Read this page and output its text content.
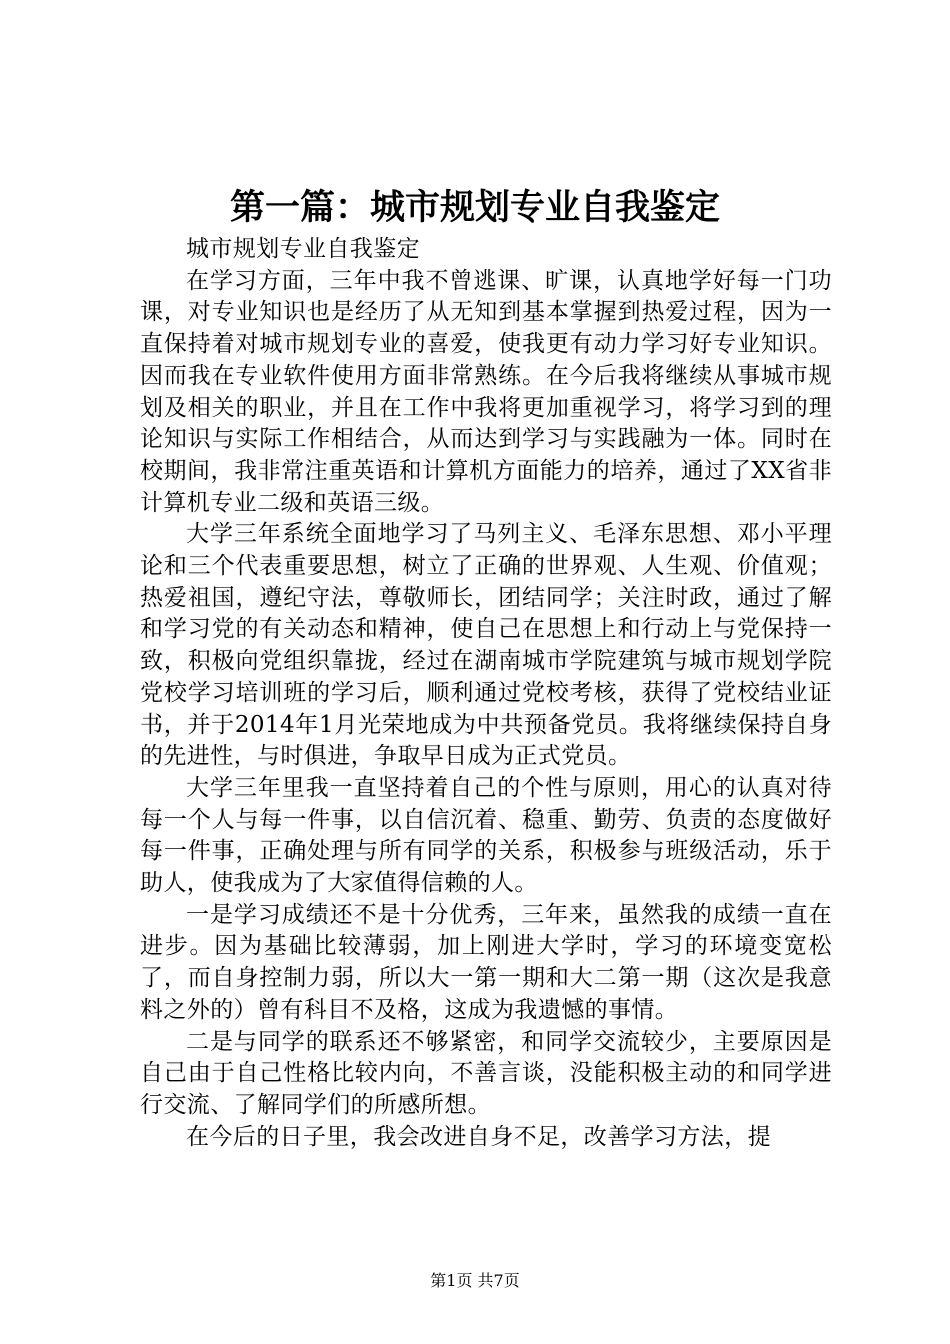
第一篇：城市规划专业自我鉴定

城市规划专业自我鉴定

在学习方面，三年中我不曾逃课、旷课，认真地学好每一门功课，对专业知识也是经历了从无知到基本掌握到热爱过程，因为一直保持着对城市规划专业的喜爱，使我更有动力学习好专业知识。因而我在专业软件使用方面非常熟练。在今后我将继续从事城市规划及相关的职业，并且在工作中我将更加重视学习，将学习到的理论知识与实际工作相结合，从而达到学习与实践融为一体。同时在校期间，我非常注重英语和计算机方面能力的培养，通过了XX省非计算机专业二级和英语三级。

大学三年系统全面地学习了马列主义、毛泽东思想、邓小平理论和三个代表重要思想，树立了正确的世界观、人生观、价值观；热爱祖国，遵纪守法，尊敬师长，团结同学；关注时政，通过了解和学习党的有关动态和精神，使自己在思想上和行动上与党保持一致，积极向党组织靠拢，经过在湖南城市学院建筑与城市规划学院党校学习培训班的学习后，顺利通过党校考核，获得了党校结业证书，并于2014年1月光荣地成为中共预备党员。我将继续保持自身的先进性，与时俱进，争取早日成为正式党员。

大学三年里我一直坚持着自己的个性与原则，用心的认真对待每一个人与每一件事，以自信沉着、稳重、勤劳、负责的态度做好每一件事，正确处理与所有同学的关系，积极参与班级活动，乐于助人，使我成为了大家值得信赖的人。

一是学习成绩还不是十分优秀，三年来，虽然我的成绩一直在进步。因为基础比较薄弱，加上刚进大学时，学习的环境变宽松了，而自身控制力弱，所以大一第一期和大二第一期（这次是我意料之外的）曾有科目不及格，这成为我遗憾的事情。

二是与同学的联系还不够紧密，和同学交流较少，主要原因是自己由于自己性格比较内向，不善言谈，没能积极主动的和同学进行交流、了解同学们的所感所想。

在今后的日子里，我会改进自身不足，改善学习方法，提

第1页 共7页
